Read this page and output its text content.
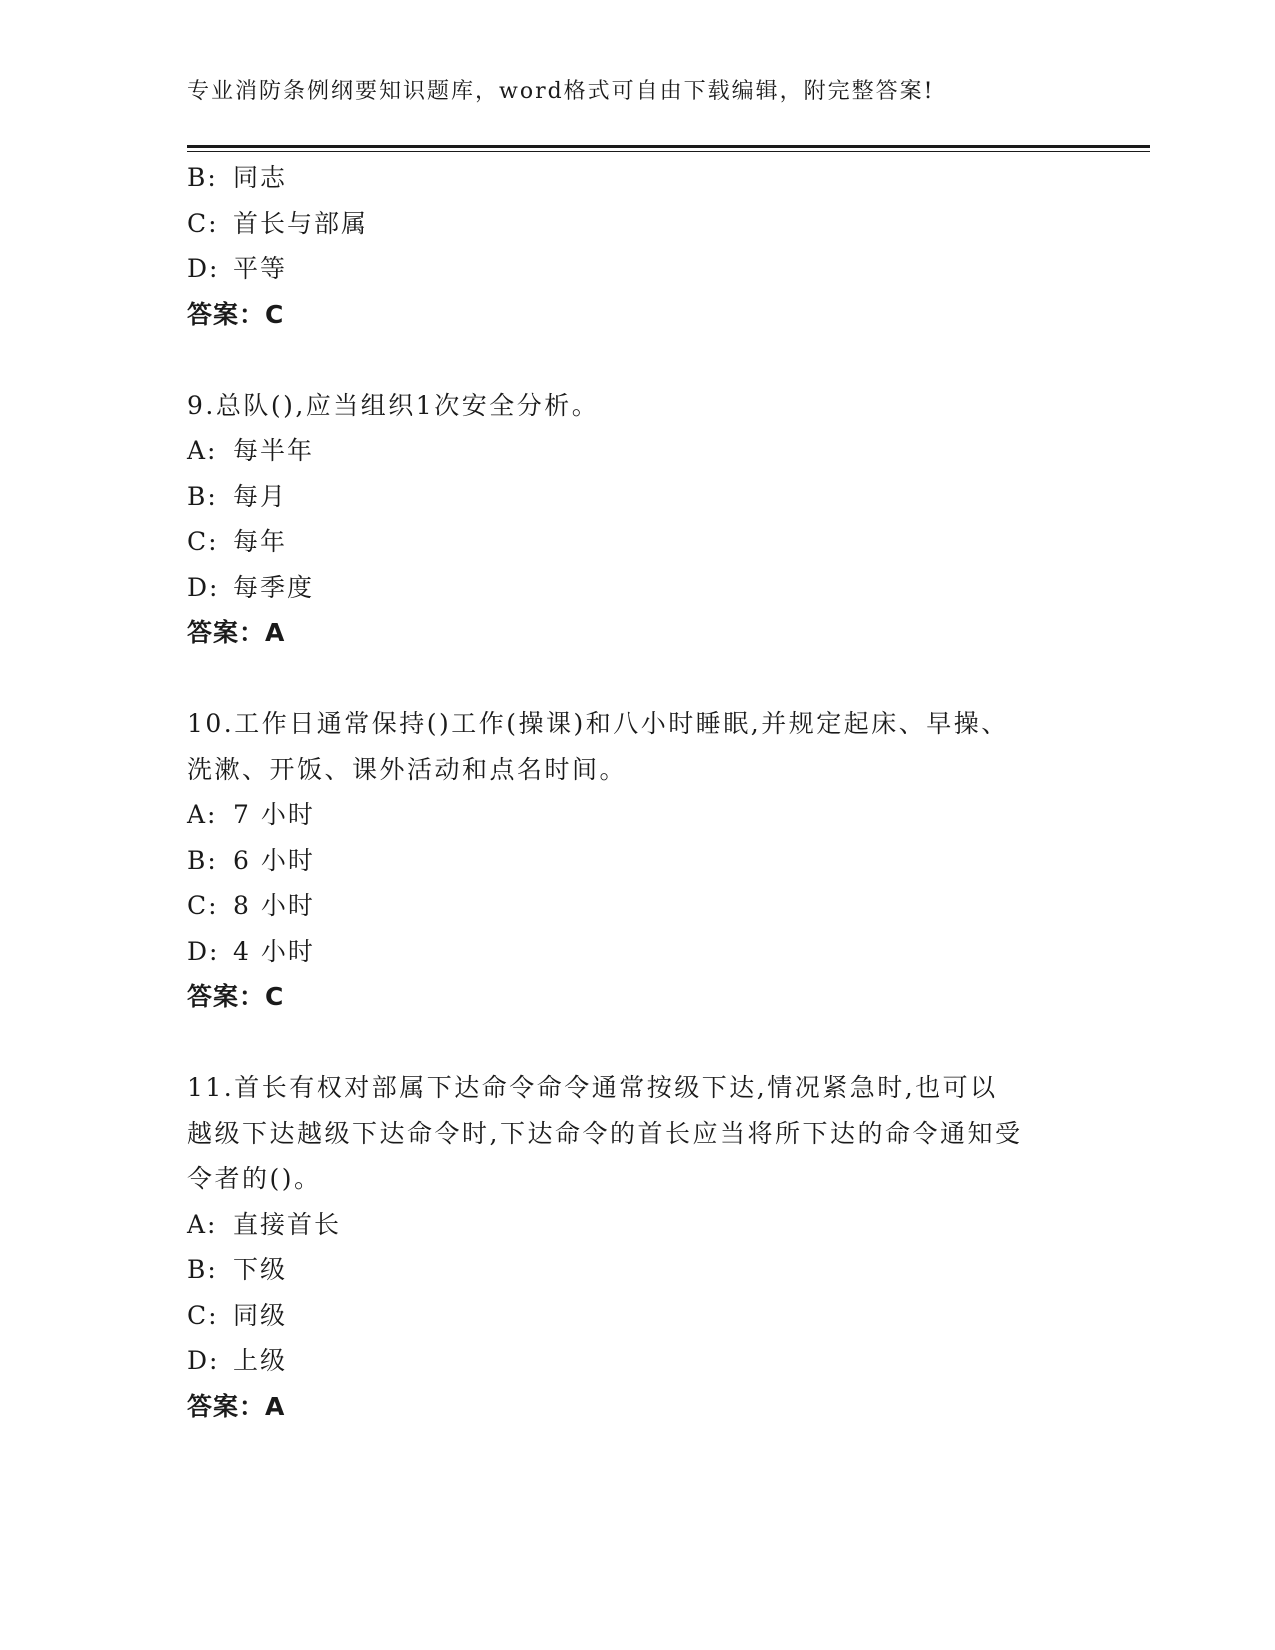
专业消防条例纲要知识题库，word格式可自由下载编辑，附完整答案!
B: 同志
C: 首长与部属
D: 平等
答案：C
9.总队(),应当组织1次安全分析。
A: 每半年
B: 每月
C: 每年
D: 每季度
答案：A
10.工作日通常保持()工作(操课)和八小时睡眠,并规定起床、早操、
洗漱、开饭、课外活动和点名时间。
A: 7 小时
B: 6 小时
C: 8 小时
D: 4 小时
答案：C
11.首长有权对部属下达命令命令通常按级下达,情况紧急时,也可以
越级下达越级下达命令时,下达命令的首长应当将所下达的命令通知受
令者的()。
A: 直接首长
B: 下级
C: 同级
D: 上级
答案：A
